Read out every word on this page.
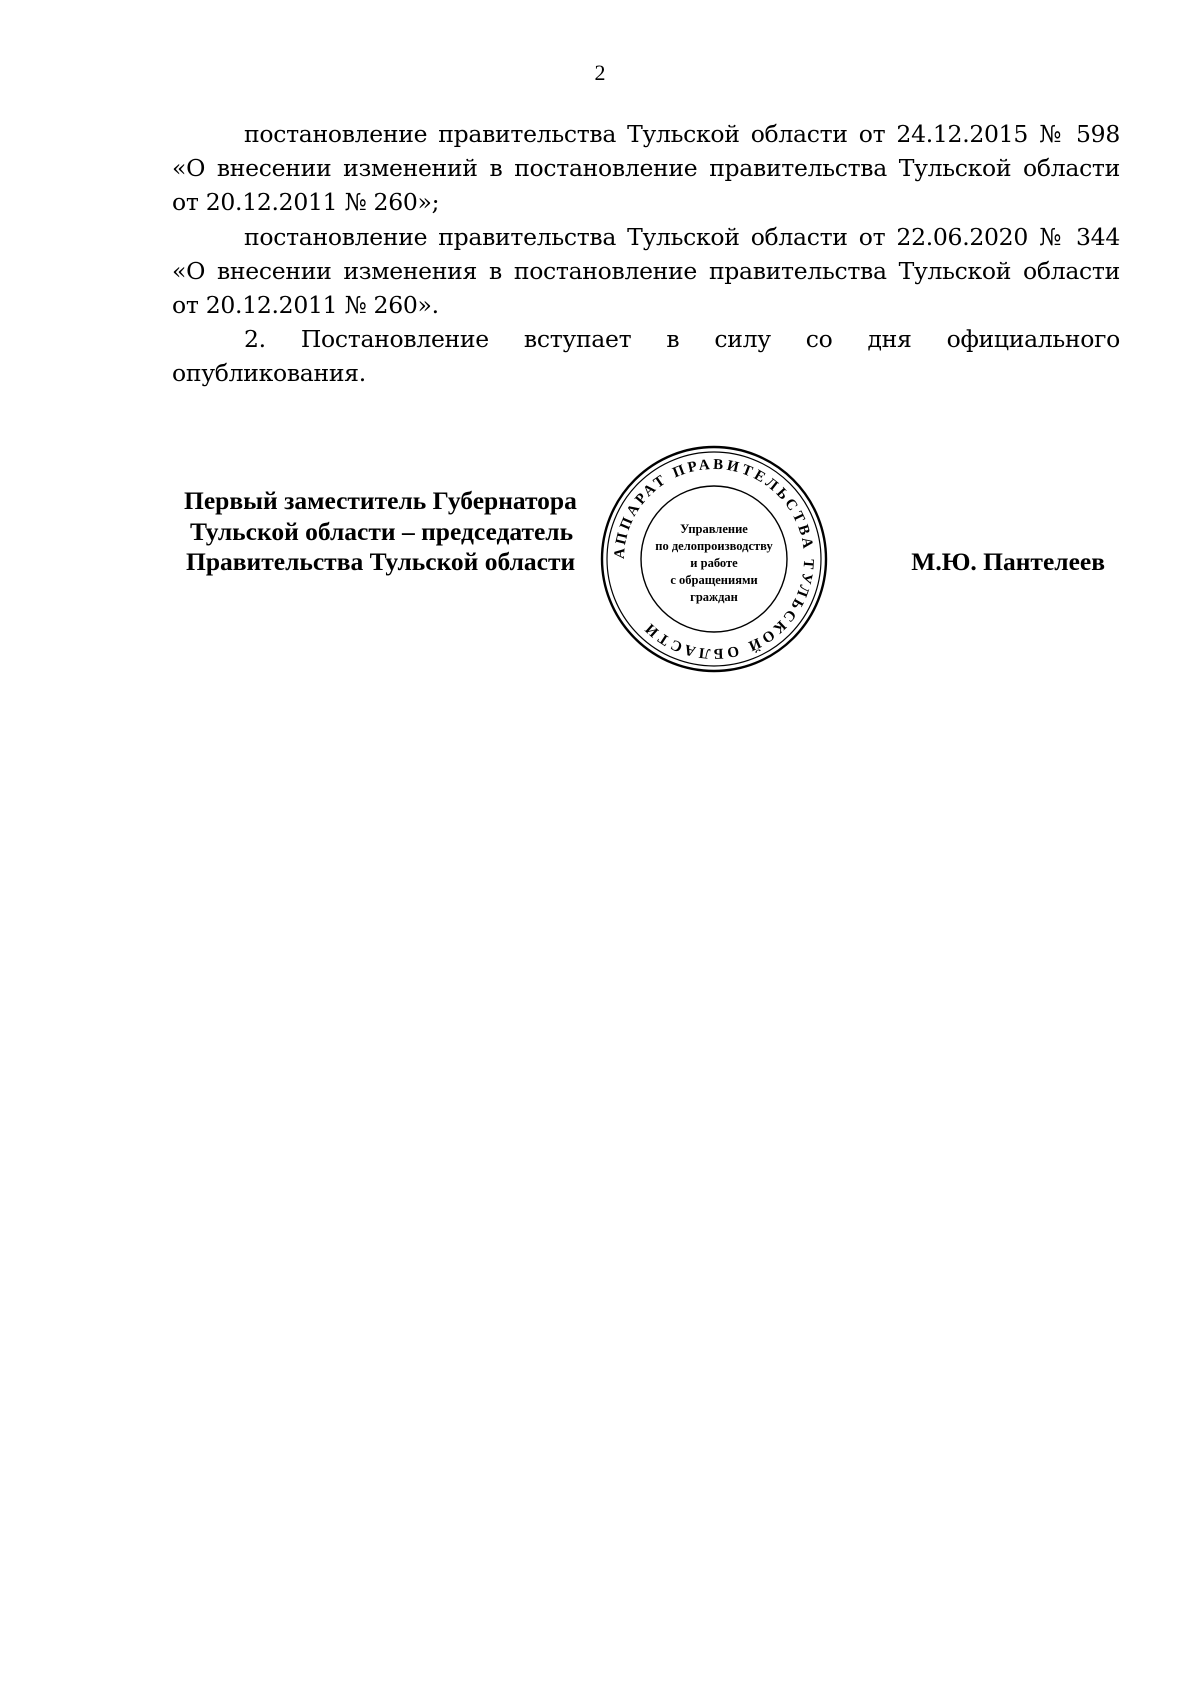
2

постановление правительства Тульской области от 24.12.2015 № 598 «О внесении изменений в постановление правительства Тульской области от 20.12.2011 № 260»;

постановление правительства Тульской области от 22.06.2020 № 344 «О внесении изменения в постановление правительства Тульской области от 20.12.2011 № 260».

2. Постановление вступает в силу со дня официального опубликования.

Первый заместитель Губернатора
Тульской области – председатель
Правительства Тульской области АППАРАТ ПРАВИТЕЛЬСТВА ТУЛЬСКОЙ ОБЛАСТИ
Управление
по делопроизводству
и работе
с обращениями
граждан
М.Ю. Пантелеев
